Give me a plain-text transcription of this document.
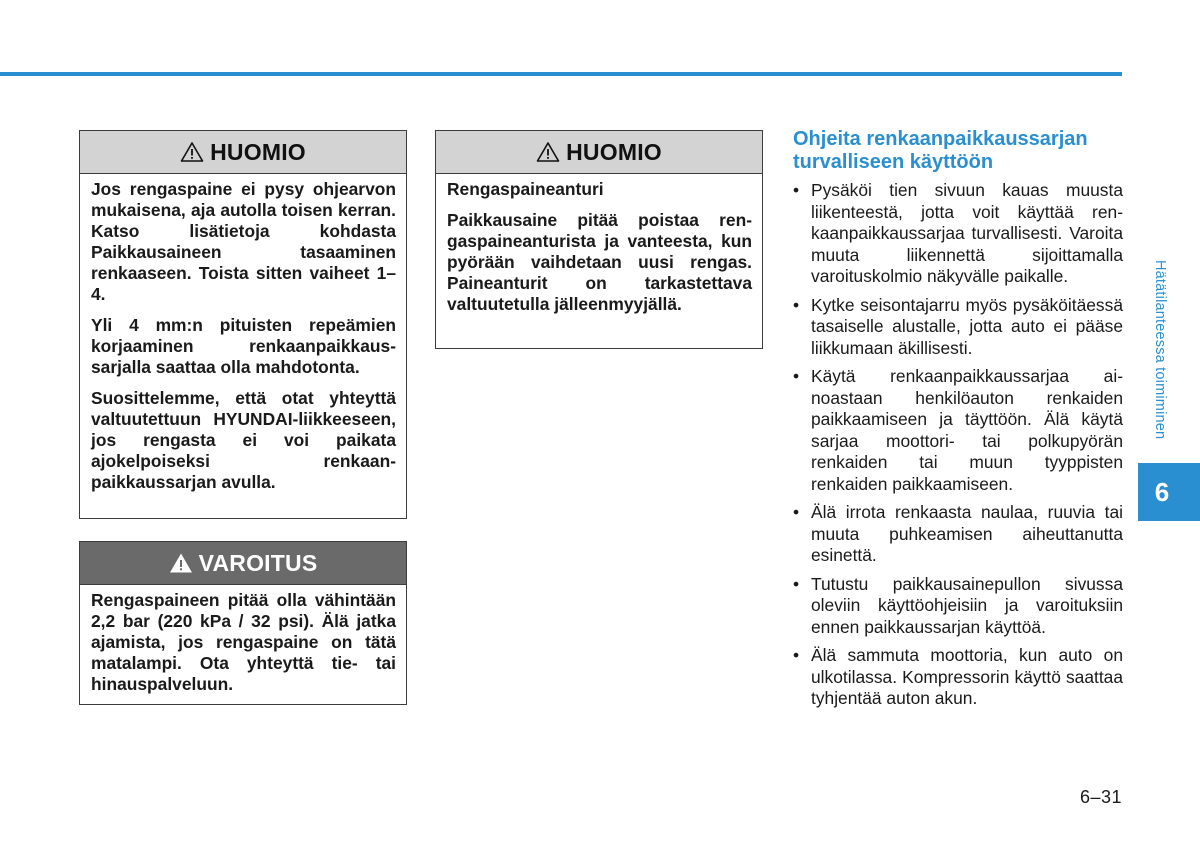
HUOMIO

Jos rengaspaine ei pysy ohjearvon mukaisena, aja autolla toisen kerran. Katso lisätietoja kohdasta Paikkausaineen tasaaminen renkaaseen. Toista sitten vaiheet 1–4.

Yli 4 mm:n pituisten repeämien korjaaminen renkaanpaikkaussarjalla saattaa olla mahdotonta.

Suosittelemme, että otat yhteyttä valtuutettuun HYUNDAI-liikkeeseen, jos rengasta ei voi paikata ajokelpoiseksi renkaanpaikkaussarjan avulla.

HUOMIO

Rengaspaineanturi

Paikkausaine pitää poistaa rengaspaineanturista ja vanteesta, kun pyörään vaihdetaan uusi rengas. Paineanturit on tarkastettava valtuutetulla jälleenmyyjällä.

VAROITUS

Rengaspaineen pitää olla vähintään 2,2 bar (220 kPa / 32 psi). Älä jatka ajamista, jos rengaspaine on tätä matalampi. Ota yhteyttä tie- tai hinauspalveluun.

Ohjeita renkaanpaikkaussarjan turvalliseen käyttöön
• Pysäköi tien sivuun kauas muusta liikenteestä, jotta voit käyttää renkaanpaikkaussarjaa turvallisesti. Varoita muuta liikennettä sijoittamalla varoituskolmio näkyvälle paikalle.
• Kytke seisontajarru myös pysäköitäessä tasaiselle alustalle, jotta auto ei pääse liikkumaan äkillisesti.
• Käytä renkaanpaikkaussarjaa ainoastaan henkilöauton renkaiden paikkaamiseen ja täyttöön. Älä käytä sarjaa moottori- tai polkupyörän renkaiden tai muun tyyppisten renkaiden paikkaamiseen.
• Älä irrota renkaasta naulaa, ruuvia tai muuta puhkeamisen aiheuttanutta esinettä.
• Tutustu paikkausainepullon sivussa oleviin käyttöohjeisiin ja varoituksiin ennen paikkaussarjan käyttöä.
• Älä sammuta moottoria, kun auto on ulkotilassa. Kompressorin käyttö saattaa tyhjentää auton akun.
Hätätilanteessa toimiminen
6
6–31
